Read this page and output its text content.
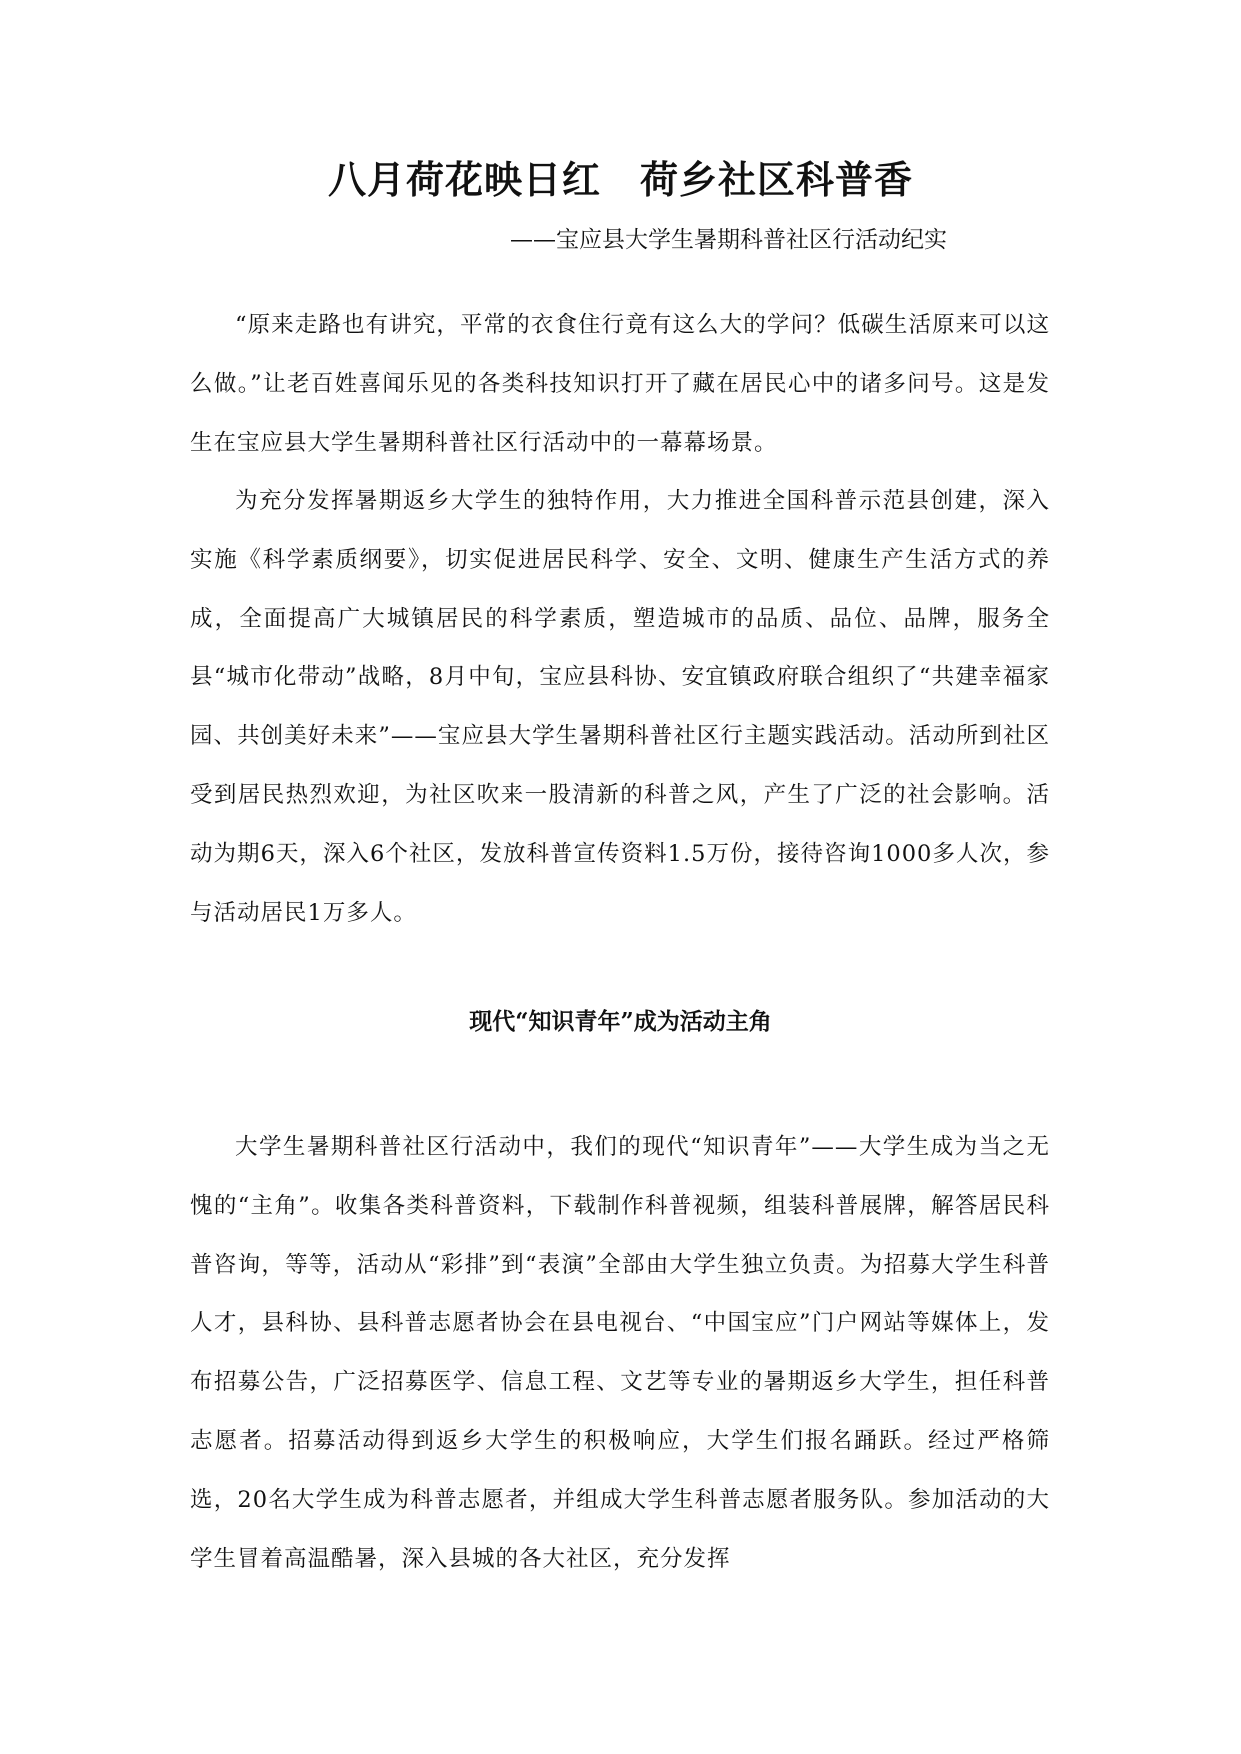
八月荷花映日红　荷乡社区科普香
——宝应县大学生暑期科普社区行活动纪实

“原来走路也有讲究，平常的衣食住行竟有这么大的学问？低碳生活原来可以这么做。”让老百姓喜闻乐见的各类科技知识打开了藏在居民心中的诸多问号。这是发生在宝应县大学生暑期科普社区行活动中的一幕幕场景。

为充分发挥暑期返乡大学生的独特作用，大力推进全国科普示范县创建，深入实施《科学素质纲要》，切实促进居民科学、安全、文明、健康生产生活方式的养成，全面提高广大城镇居民的科学素质，塑造城市的品质、品位、品牌，服务全县“城市化带动”战略，8月中旬，宝应县科协、安宜镇政府联合组织了“共建幸福家园、共创美好未来”——宝应县大学生暑期科普社区行主题实践活动。活动所到社区受到居民热烈欢迎，为社区吹来一股清新的科普之风，产生了广泛的社会影响。活动为期6天，深入6个社区，发放科普宣传资料1.5万份，接待咨询1000多人次，参与活动居民1万多人。

现代“知识青年”成为活动主角

大学生暑期科普社区行活动中，我们的现代“知识青年”——大学生成为当之无愧的“主角”。收集各类科普资料，下载制作科普视频，组装科普展牌，解答居民科普咨询，等等，活动从“彩排”到“表演”全部由大学生独立负责。为招募大学生科普人才，县科协、县科普志愿者协会在县电视台、“中国宝应”门户网站等媒体上，发布招募公告，广泛招募医学、信息工程、文艺等专业的暑期返乡大学生，担任科普志愿者。招募活动得到返乡大学生的积极响应，大学生们报名踊跃。经过严格筛选，20名大学生成为科普志愿者，并组成大学生科普志愿者服务队。参加活动的大学生冒着高温酷暑，深入县城的各大社区，充分发挥
